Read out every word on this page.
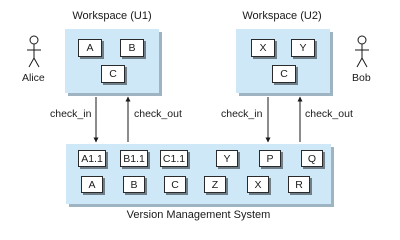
Workspace (U1)	Workspace (U2)
A	B
C
X	Y
C
Alice	Bob
check_in	check_out	check_in	check_out
A1.1	B1.1	C1.1	Y	P	Q
A	B	C	Z	X	R
Version Management System
